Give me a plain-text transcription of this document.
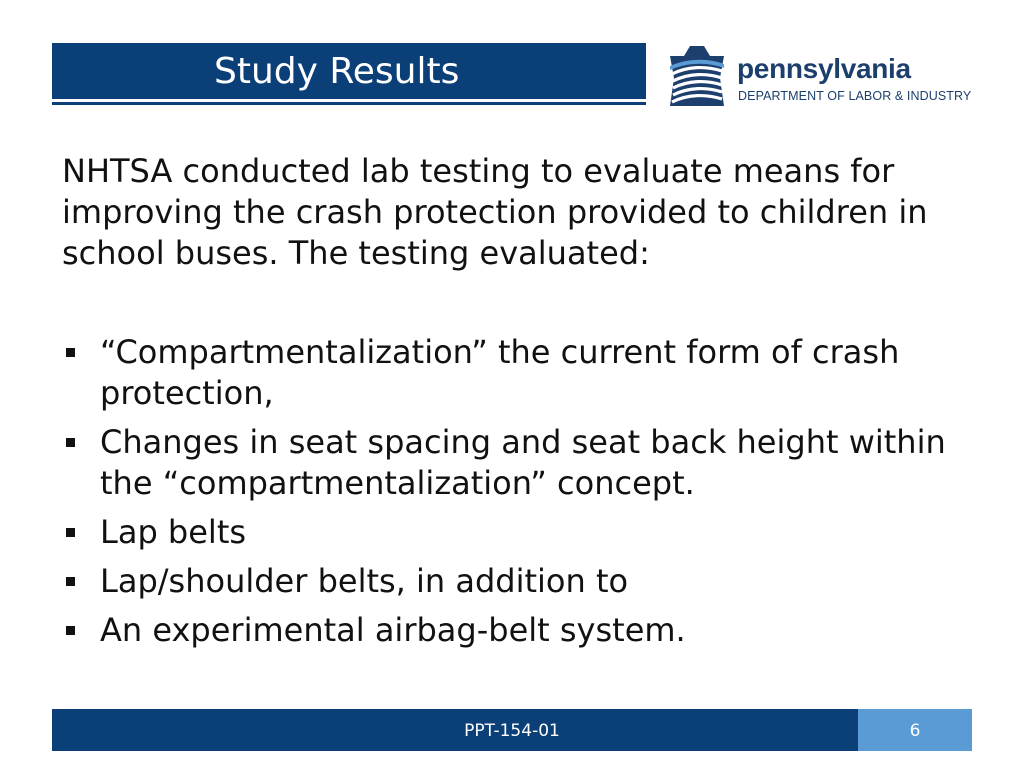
Study Results	pennsylvania
DEPARTMENT OF LABOR & INDUSTRY

NHTSA conducted lab testing to evaluate means for improving the crash protection provided to children in school buses. The testing evaluated:

“Compartmentalization” the current form of crash protection,
Changes in seat spacing and seat back height within the “compartmentalization” concept.
Lap belts
Lap/shoulder belts, in addition to
An experimental airbag-belt system.
PPT-154-01	6
